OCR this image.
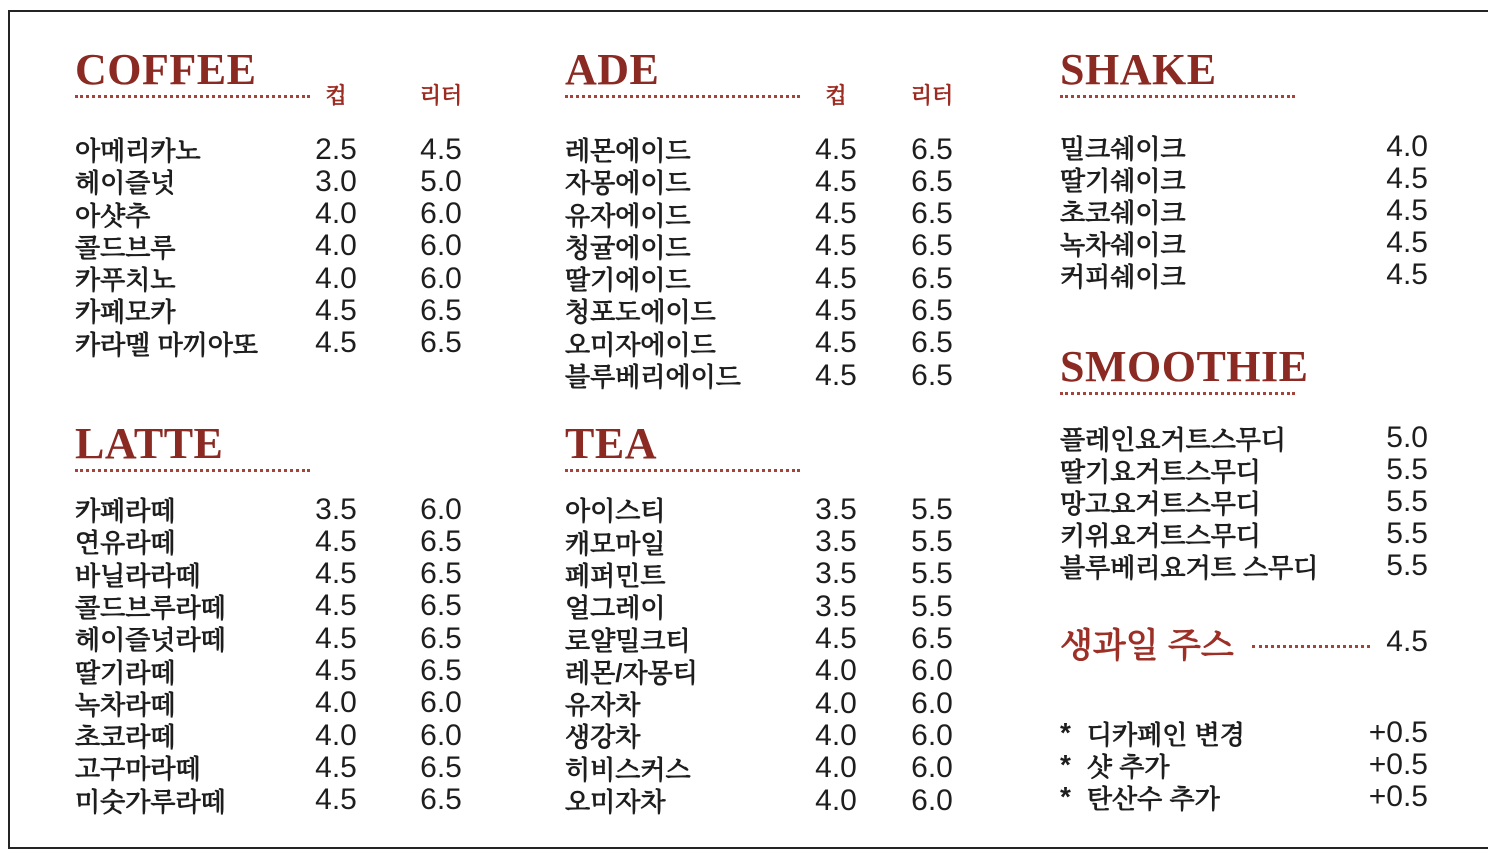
COFFEE
컵	리터
아메리카노	2.5	4.5
헤이즐넛	3.0	5.0
아샷추	4.0	6.0
콜드브루	4.0	6.0
카푸치노	4.0	6.0
카페모카	4.5	6.5
카라멜 마끼아또	4.5	6.5
LATTE
카페라떼	3.5	6.0
연유라떼	4.5	6.5
바닐라라떼	4.5	6.5
콜드브루라떼	4.5	6.5
헤이즐넛라떼	4.5	6.5
딸기라떼	4.5	6.5
녹차라떼	4.0	6.0
초코라떼	4.0	6.0
고구마라떼	4.5	6.5
미숫가루라떼	4.5	6.5
ADE
컵	리터
레몬에이드	4.5	6.5
자몽에이드	4.5	6.5
유자에이드	4.5	6.5
청귤에이드	4.5	6.5
딸기에이드	4.5	6.5
청포도에이드	4.5	6.5
오미자에이드	4.5	6.5
블루베리에이드	4.5	6.5
TEA
아이스티	3.5	5.5
캐모마일	3.5	5.5
페퍼민트	3.5	5.5
얼그레이	3.5	5.5
로얄밀크티	4.5	6.5
레몬/자몽티	4.0	6.0
유자차	4.0	6.0
생강차	4.0	6.0
히비스커스	4.0	6.0
오미자차	4.0	6.0
SHAKE
밀크쉐이크	4.0
딸기쉐이크	4.5
초코쉐이크	4.5
녹차쉐이크	4.5
커피쉐이크	4.5
SMOOTHIE
플레인요거트스무디	5.0
딸기요거트스무디	5.5
망고요거트스무디	5.5
키위요거트스무디	5.5
블루베리요거트 스무디 5.5
생과일 주스	4.5
* 디카페인 변경	+0.5
* 샷 추가	+0.5
* 탄산수 추가	+0.5
